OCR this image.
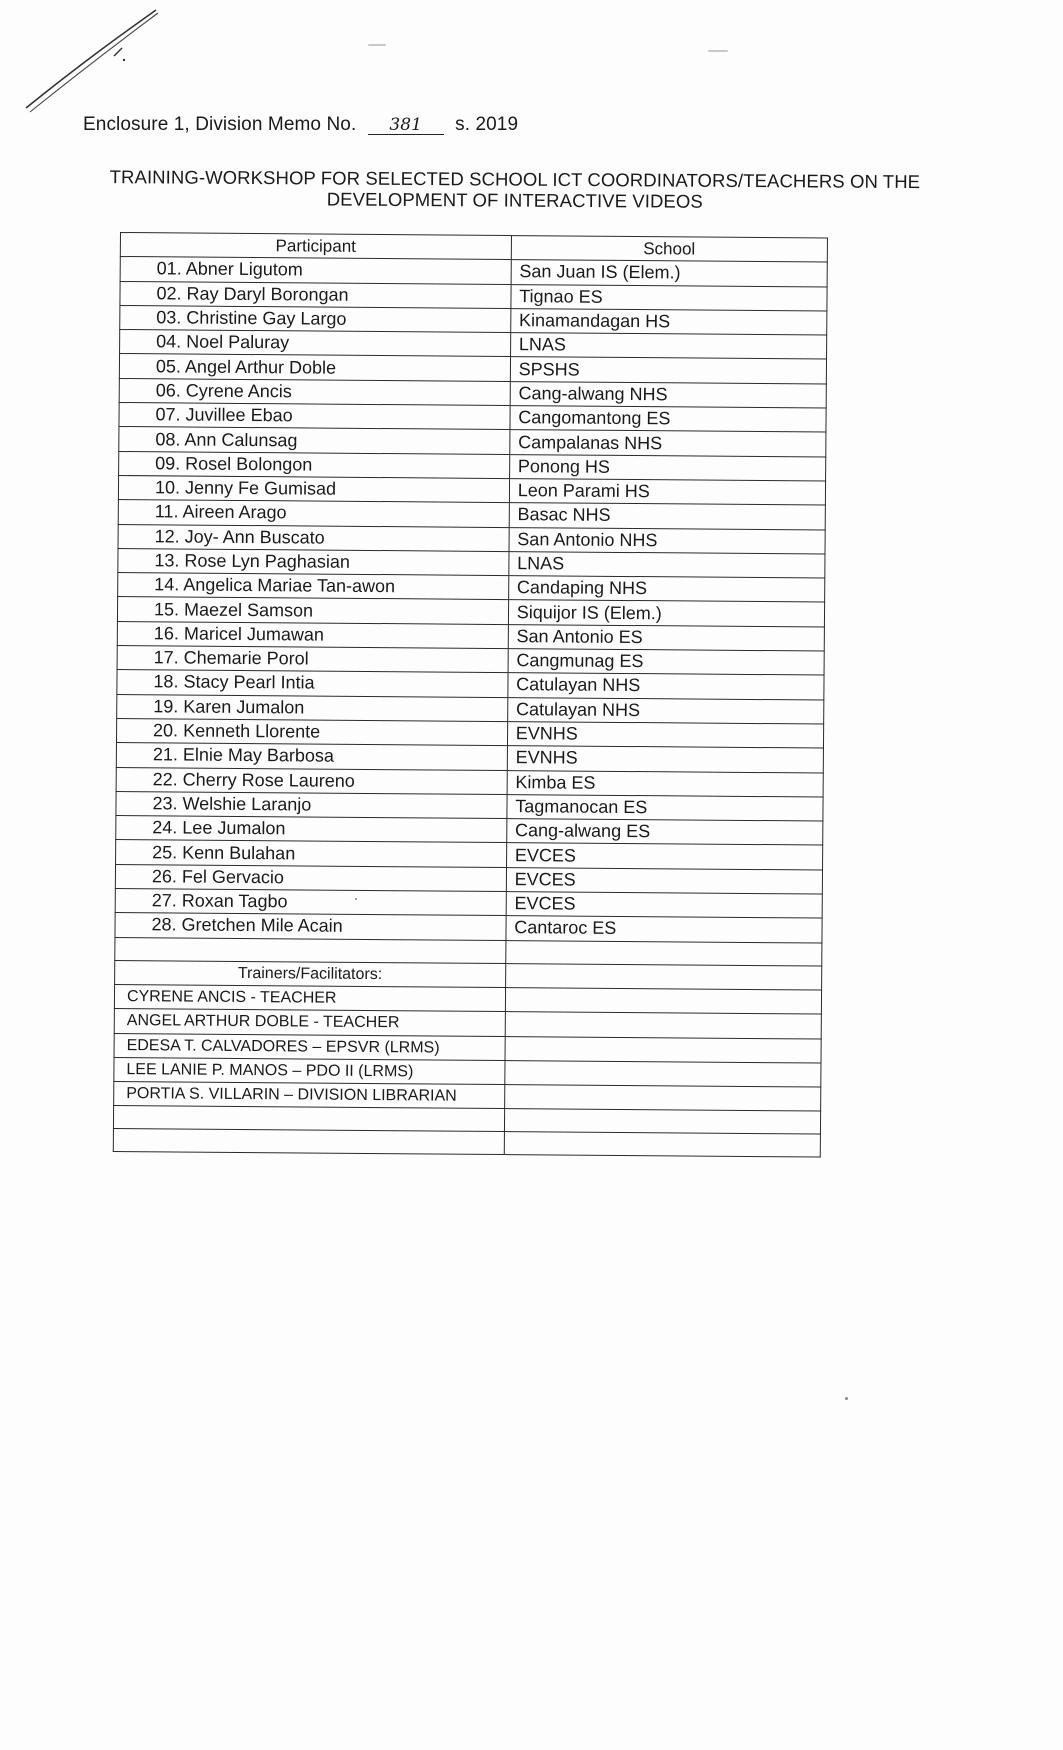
Enclosure 1, Division Memo No. 381 s. 2019
TRAINING-WORKSHOP FOR SELECTED SCHOOL ICT COORDINATORS/TEACHERS ON THE
DEVELOPMENT OF INTERACTIVE VIDEOS
Participant	School
01. Abner Ligutom	San Juan IS (Elem.)
02. Ray Daryl Borongan	Tignao ES
03. Christine Gay Largo	Kinamandagan HS
04. Noel Paluray	LNAS
05. Angel Arthur Doble	SPSHS
06. Cyrene Ancis	Cang-alwang NHS
07. Juvillee Ebao	Cangomantong ES
08. Ann Calunsag	Campalanas NHS
09. Rosel Bolongon	Ponong HS
10. Jenny Fe Gumisad	Leon Parami HS
11. Aireen Arago	Basac NHS
12. Joy- Ann Buscato	San Antonio NHS
13. Rose Lyn Paghasian	LNAS
14. Angelica Mariae Tan-awon	Candaping NHS
15. Maezel Samson	Siquijor IS (Elem.)
16. Maricel Jumawan	San Antonio ES
17. Chemarie Porol	Cangmunag ES
18. Stacy Pearl Intia	Catulayan NHS
19. Karen Jumalon	Catulayan NHS
20. Kenneth Llorente	EVNHS
21. Elnie May Barbosa	EVNHS
22. Cherry Rose Laureno	Kimba ES
23. Welshie Laranjo	Tagmanocan ES
24. Lee Jumalon	Cang-alwang ES
25. Kenn Bulahan	EVCES
26. Fel Gervacio	EVCES
27. Roxan Tagbo	EVCES
28. Gretchen Mile Acain	Cantaroc ES

Trainers/Facilitators:	
CYRENE ANCIS - TEACHER	
ANGEL ARTHUR DOBLE - TEACHER	
EDESA T. CALVADORES – EPSVR (LRMS)	
LEE LANIE P. MANOS – PDO II (LRMS)	
PORTIA S. VILLARIN – DIVISION LIBRARIAN	
